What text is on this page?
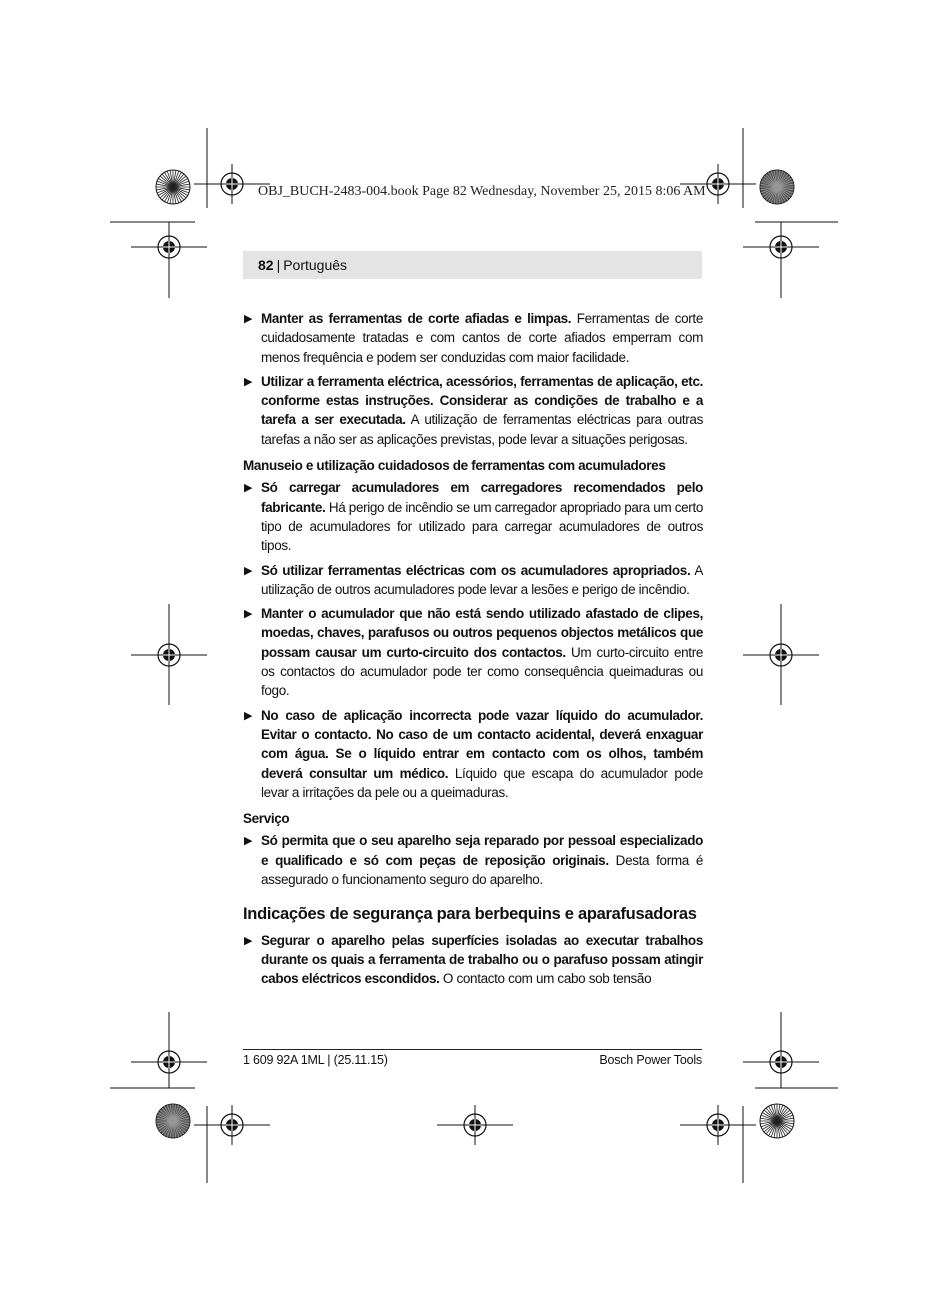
OBJ_BUCH-2483-004.book Page 82 Wednesday, November 25, 2015 8:06 AM
82 | Português
▶ Manter as ferramentas de corte afiadas e limpas. Ferramentas de corte cuidadosamente tratadas e com cantos de corte afiados emperram com menos frequência e podem ser conduzidas com maior facilidade.
▶ Utilizar a ferramenta eléctrica, acessórios, ferramentas de aplicação, etc. conforme estas instruções. Considerar as condições de trabalho e a tarefa a ser executada. A utilização de ferramentas eléctricas para outras tarefas a não ser as aplicações previstas, pode levar a situações perigosas.
Manuseio e utilização cuidadosos de ferramentas com acumuladores
▶ Só carregar acumuladores em carregadores recomendados pelo fabricante. Há perigo de incêndio se um carregador apropriado para um certo tipo de acumuladores for utilizado para carregar acumuladores de outros tipos.
▶ Só utilizar ferramentas eléctricas com os acumuladores apropriados. A utilização de outros acumuladores pode levar a lesões e perigo de incêndio.
▶ Manter o acumulador que não está sendo utilizado afastado de clipes, moedas, chaves, parafusos ou outros pequenos objectos metálicos que possam causar um curto-circuito dos contactos. Um curto-circuito entre os contactos do acumulador pode ter como consequência queimaduras ou fogo.
▶ No caso de aplicação incorrecta pode vazar líquido do acumulador. Evitar o contacto. No caso de um contacto acidental, deverá enxaguar com água. Se o líquido entrar em contacto com os olhos, também deverá consultar um médico. Líquido que escapa do acumulador pode levar a irritações da pele ou a queimaduras.
Serviço
▶ Só permita que o seu aparelho seja reparado por pessoal especializado e qualificado e só com peças de reposição originais. Desta forma é assegurado o funcionamento seguro do aparelho.
Indicações de segurança para berbequins e aparafusadoras
▶ Segurar o aparelho pelas superfícies isoladas ao executar trabalhos durante os quais a ferramenta de trabalho ou o parafuso possam atingir cabos eléctricos escondidos. O contacto com um cabo sob tensão
1 609 92A 1ML | (25.11.15)	Bosch Power Tools
